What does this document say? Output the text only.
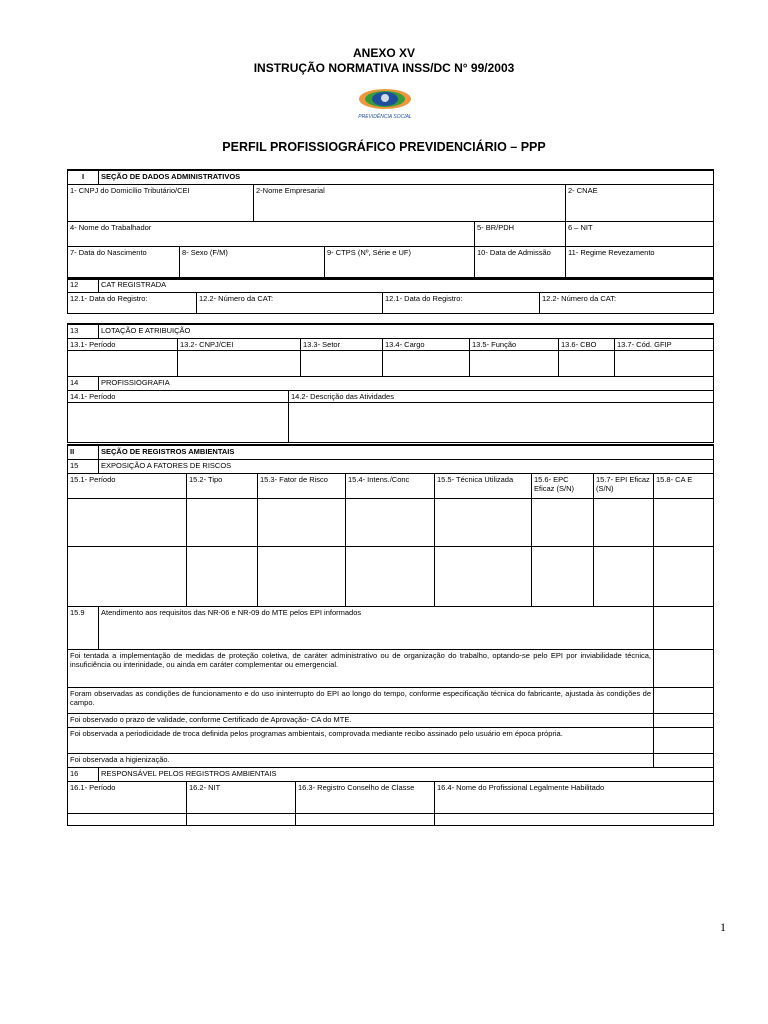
ANEXO XV
INSTRUÇÃO NORMATIVA INSS/DC N° 99/2003
PREVIDÊNCIA SOCIAL
PERFIL PROFISSIOGRÁFICO PREVIDENCIÁRIO – PPP
I	SEÇÃO DE DADOS ADMINISTRATIVOS					
1- CNPJ do Domicílio Tributário/CEI			2-Nome Empresarial			2- CNAE
4- Nome do Trabalhador					5- BR/PDH	6 – NIT
7- Data do Nascimento		8- Sexo (F/M)		9- CTPS (Nº, Série e UF)	10- Data de Admissão	11- Regime Revezamento
12	CAT REGISTRADA			
12.1- Data do Registro:		12.2- Número da CAT:	12.1- Data do Registro:	12.2- Número da CAT:
13	LOTAÇÃO E ATRIBUIÇÃO							
13.1- Período		13.2- CNPJ/CEI		13.3- Setor	13.4- Cargo	13.5- Função	13.6- CBO	13.7- Cód. GFIP

14	PROFISSIOGRAFIA							
14.1- Período			14.2- Descrição das Atividades					

II	SEÇÃO DE REGISTROS AMBIENTAIS								
15	EXPOSIÇÃO A FATORES DE RISCOS								
15.1- Período		15.2- Tipo	15.3- Fator de Risco		15.4- Intens./Conc	15.5- Técnica Utilizada	15.6- EPC Eficaz (S/N)	15.7- EPI Eficaz (S/N)	15.8- CA E

15.9	Atendimento aos requisitos das NR-06 e NR-09 do MTE pelos EPI informados								
Foi tentada a implementação de medidas de proteção coletiva, de caráter administrativo ou de organização do trabalho, optando-se pelo EPI por inviabilidade técnica, insuficiência ou interinidade, ou ainda em caráter complementar ou emergencial.									
Foram observadas as condições de funcionamento e do uso ininterrupto do EPI ao longo do tempo, conforme especificação técnica do fabricante, ajustada às condições de campo.									
Foi observado o prazo de validade, conforme Certificado de Aprovação- CA do MTE.									
Foi observada a periodicidade de troca definida pelos programas ambientais, comprovada mediante recibo assinado pelo usuário em época própria.									
Foi observada a higienização.									
16	RESPONSÁVEL PELOS REGISTROS AMBIENTAIS								
16.1- Período		16.2- NIT		16.3- Registro Conselho de Classe		16.4- Nome do Profissional Legalmente Habilitado			

1
